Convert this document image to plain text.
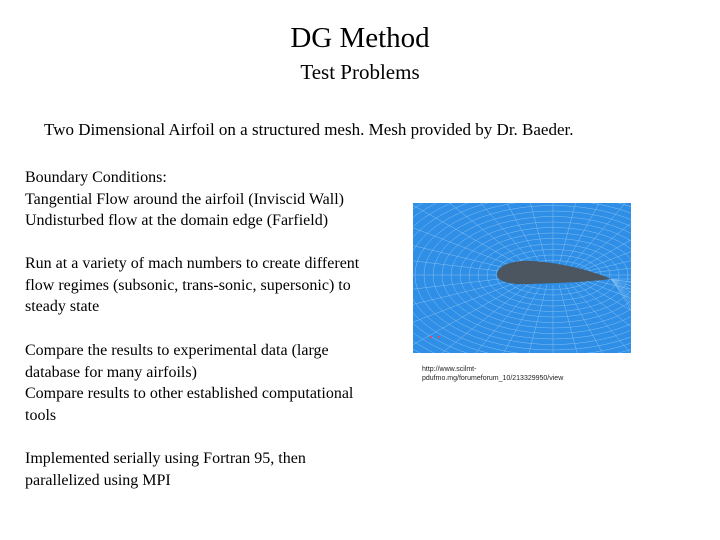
DG Method
Test Problems
Two Dimensional Airfoil on a structured mesh. Mesh provided by Dr. Baeder.
Boundary Conditions:
Tangential Flow around the airfoil (Inviscid Wall)
Undisturbed flow at the domain edge (Farfield)
Run at a variety of mach numbers to create different
flow regimes (subsonic, trans-sonic, supersonic) to
steady state
Compare the results to experimental data (large
database for many airfoils)
Compare results to other established computational
tools
Implemented serially using Fortran 95, then
parallelized using MPI
http://www.scilmt-
pdufmo.mg/forumeforum_10/213329950/view
